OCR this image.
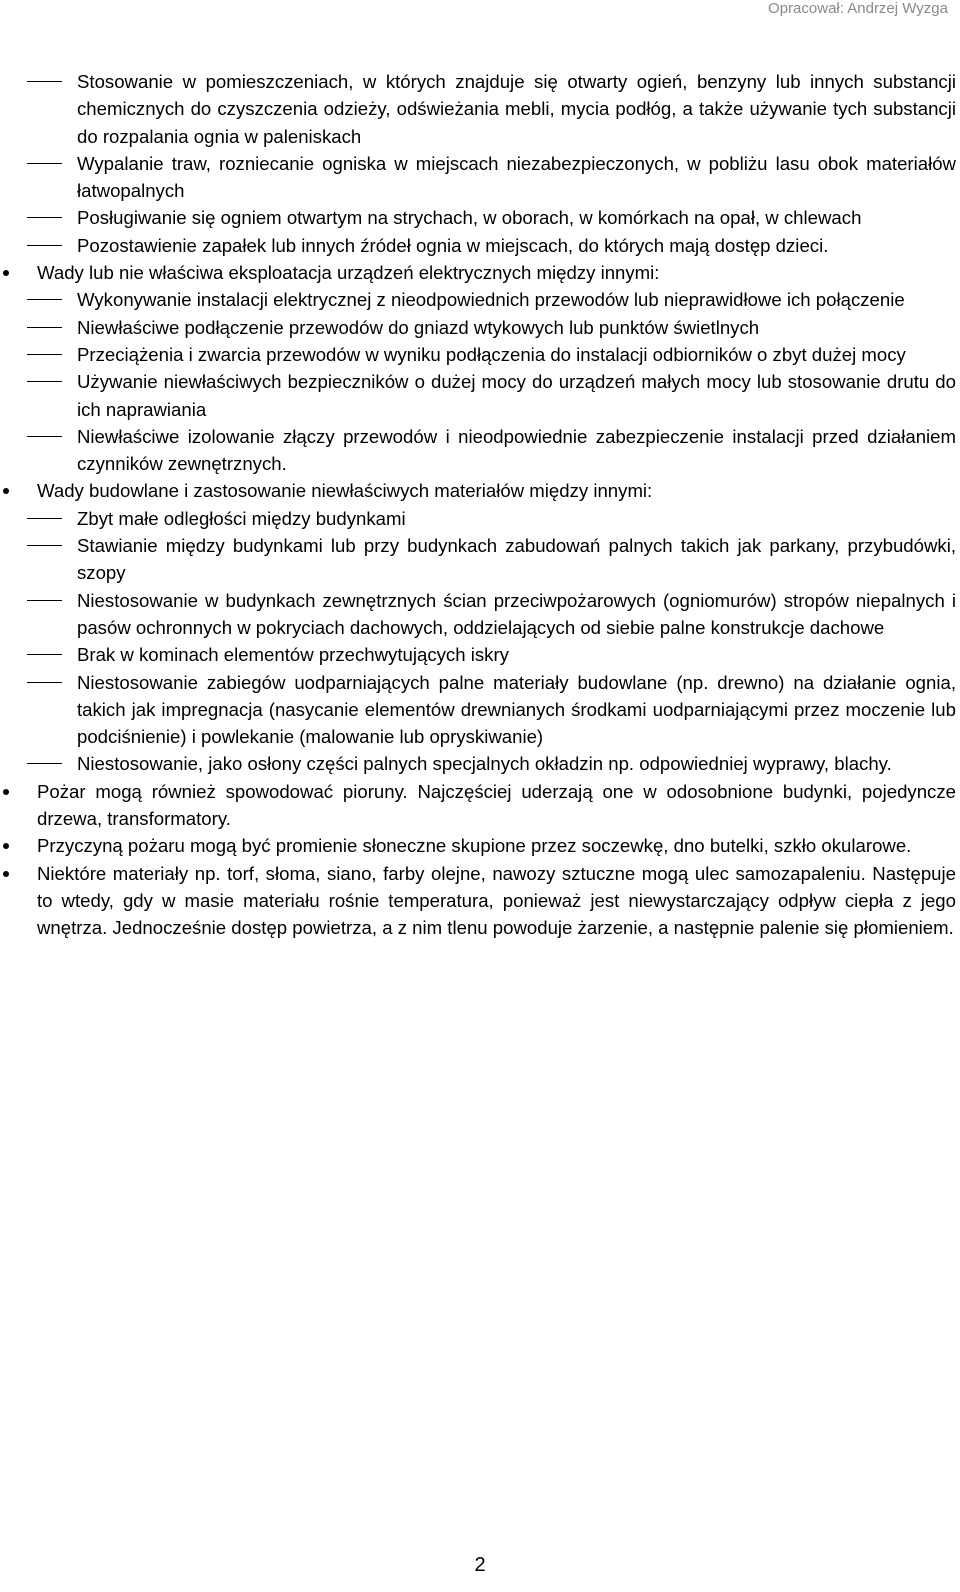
Opracował: Andrzej Wyzga
Stosowanie w pomieszczeniach, w których znajduje się otwarty ogień, benzyny lub innych substancji chemicznych do czyszczenia odzieży, odświeżania mebli, mycia podłóg, a także używanie tych substancji do rozpalania ognia w paleniskach
Wypalanie traw, rozniecanie ogniska w miejscach niezabezpieczonych, w pobliżu lasu obok materiałów łatwopalnych
Posługiwanie się ogniem otwartym na strychach, w oborach, w komórkach na opał, w chlewach
Pozostawienie zapałek lub innych źródeł ognia w miejscach, do których mają dostęp dzieci.
Wady lub nie właściwa eksploatacja urządzeń elektrycznych między innymi:
Wykonywanie instalacji elektrycznej z nieodpowiednich przewodów lub nieprawidłowe ich połączenie
Niewłaściwe podłączenie przewodów do gniazd wtykowych lub punktów świetlnych
Przeciążenia i zwarcia przewodów w wyniku podłączenia do instalacji odbiorników o zbyt dużej mocy
Używanie niewłaściwych bezpieczników o dużej mocy do urządzeń małych mocy lub stosowanie drutu do ich naprawiania
Niewłaściwe izolowanie złączy przewodów i nieodpowiednie zabezpieczenie instalacji przed działaniem czynników zewnętrznych.
Wady budowlane i zastosowanie niewłaściwych materiałów między innymi:
Zbyt małe odległości między budynkami
Stawianie między budynkami lub przy budynkach zabudowań palnych takich jak parkany, przybudówki, szopy
Niestosowanie w budynkach zewnętrznych ścian przeciwpożarowych (ogniomurów) stropów niepalnych i pasów ochronnych w pokryciach dachowych, oddzielających od siebie palne konstrukcje dachowe
Brak w kominach elementów przechwytujących iskry
Niestosowanie zabiegów uodparniających palne materiały budowlane (np. drewno) na działanie ognia, takich jak impregnacja (nasycanie elementów drewnianych środkami uodparniającymi przez moczenie lub podciśnienie) i powlekanie (malowanie lub opryskiwanie)
Niestosowanie, jako osłony części palnych specjalnych okładzin np. odpowiedniej wyprawy, blachy.
Pożar mogą również spowodować pioruny. Najczęściej uderzają one w odosobnione budynki, pojedyncze drzewa, transformatory.
Przyczyną pożaru mogą być promienie słoneczne skupione przez soczewkę, dno butelki, szkło okularowe.
Niektóre materiały np. torf, słoma, siano, farby olejne, nawozy sztuczne mogą ulec samozapaleniu. Następuje to wtedy, gdy w masie materiału rośnie temperatura, ponieważ jest niewystarczający odpływ ciepła z jego wnętrza. Jednocześnie dostęp powietrza, a z nim tlenu powoduje żarzenie, a następnie palenie się płomieniem.
2
